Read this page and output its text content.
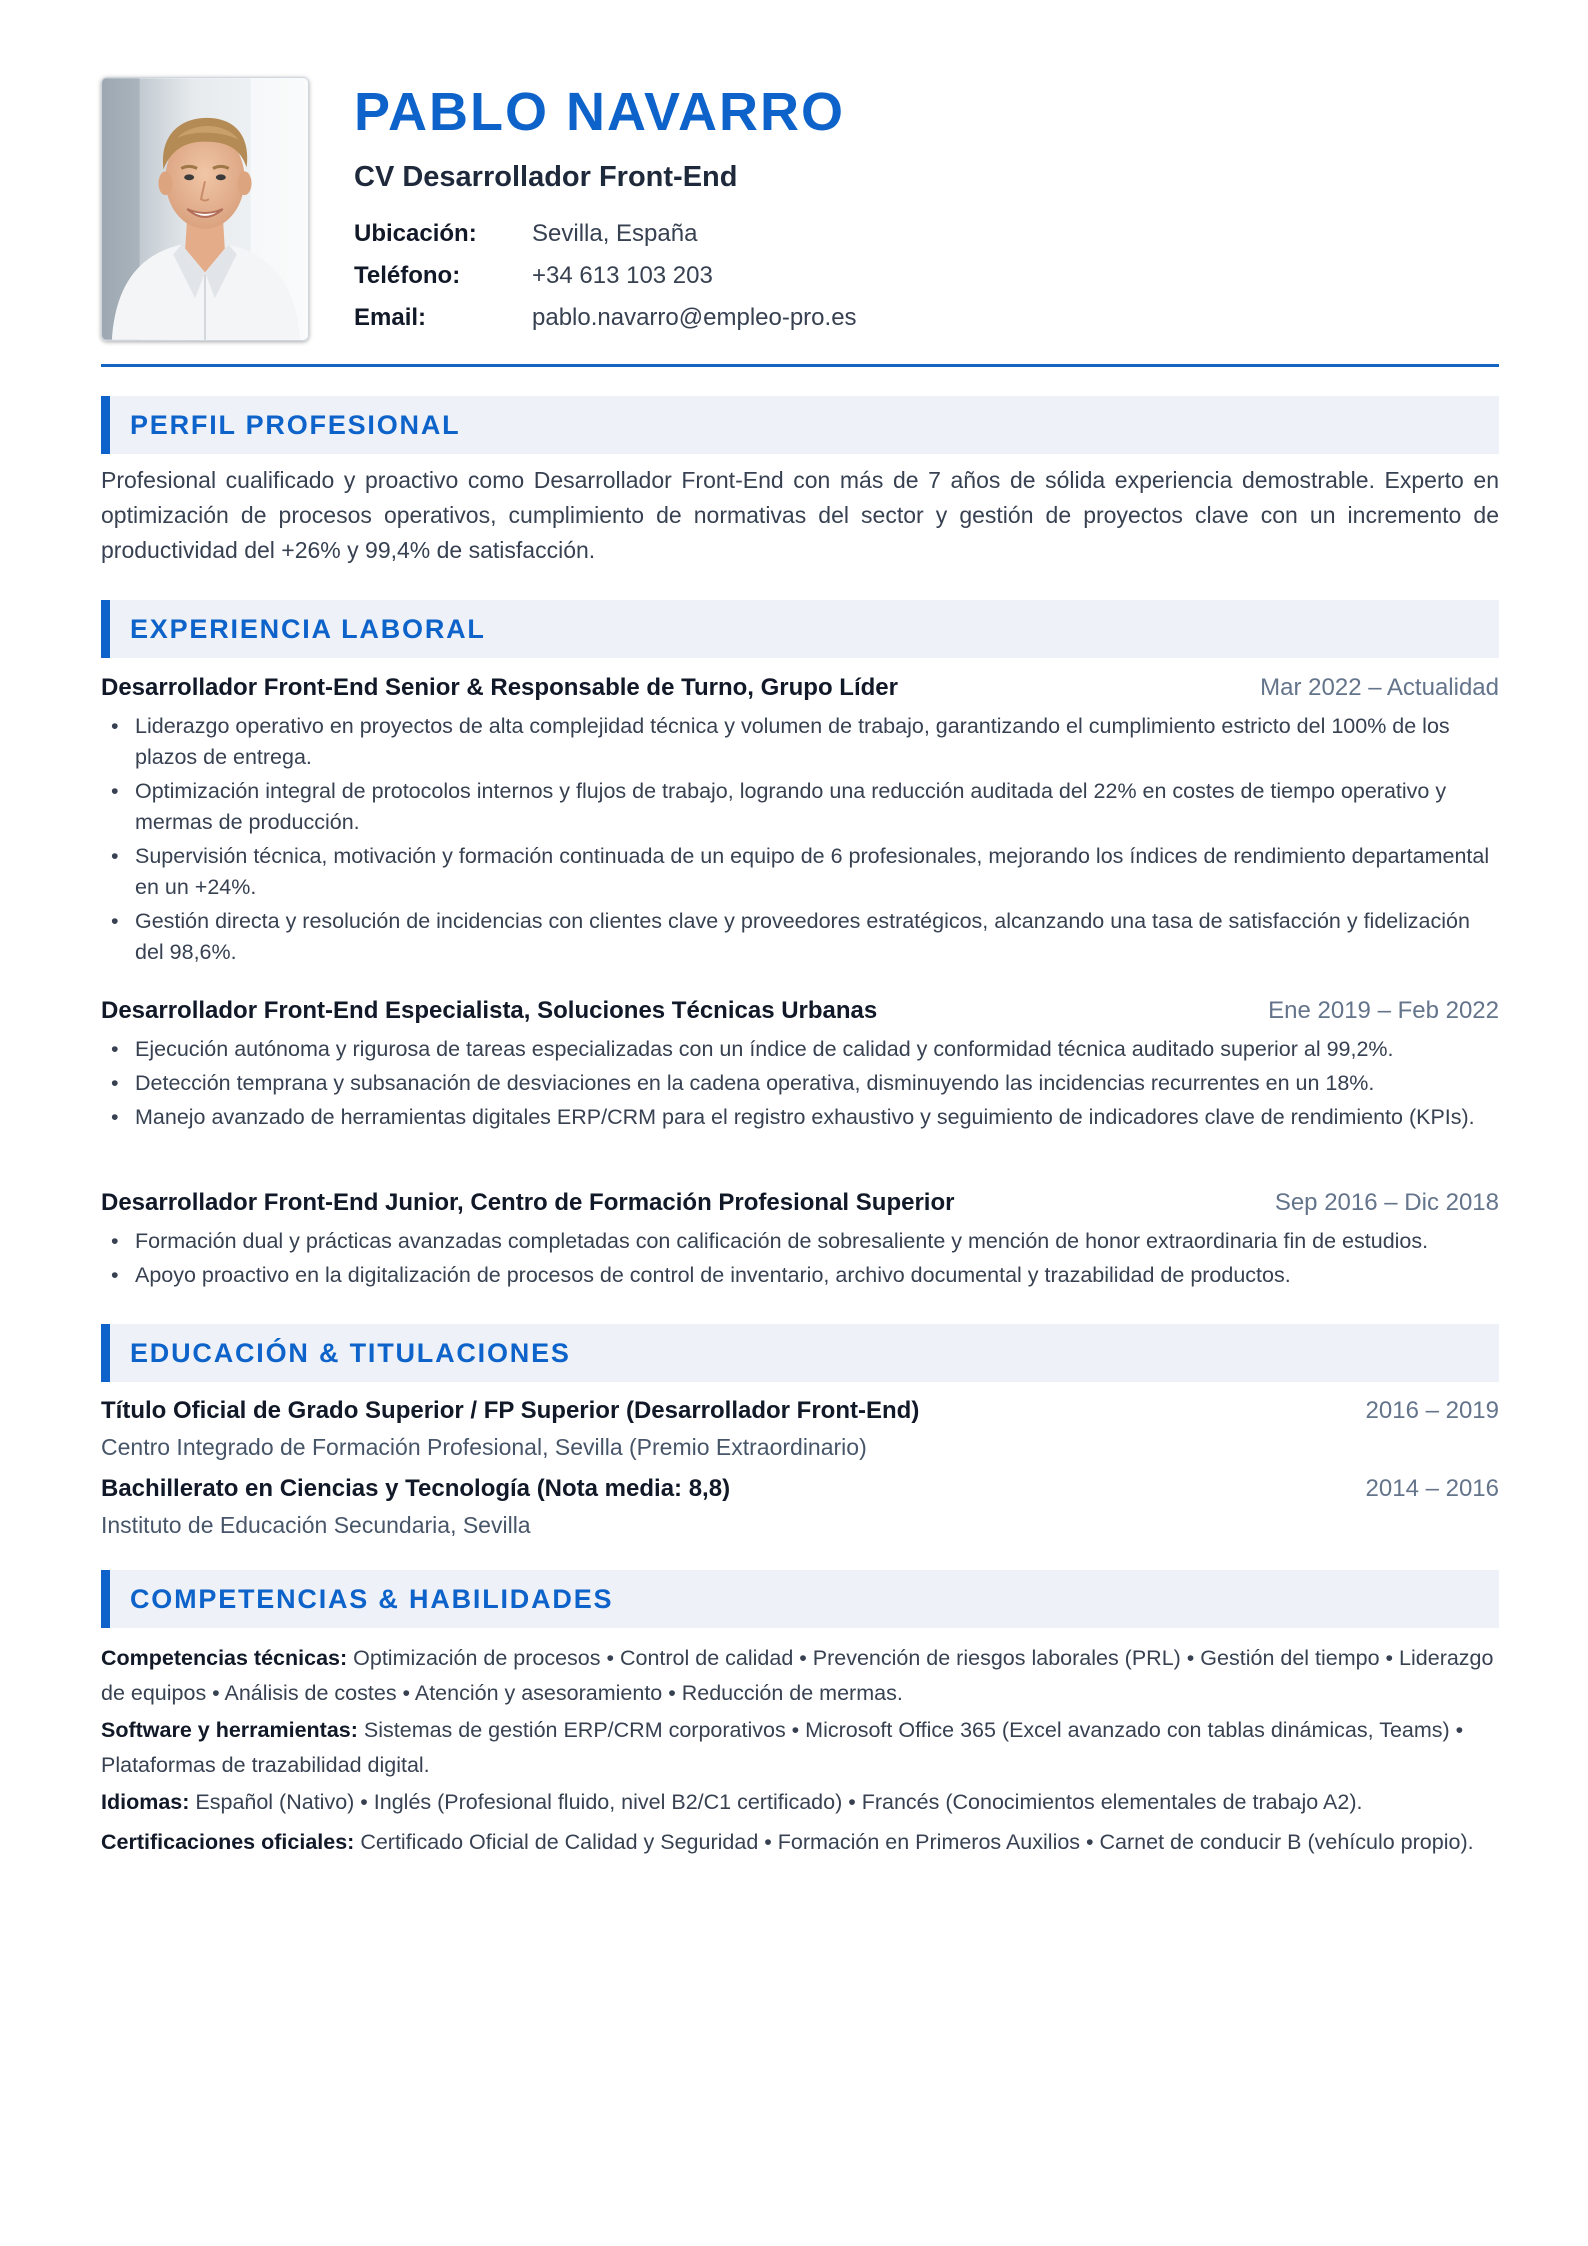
PABLO NAVARRO
CV Desarrollador Front-End
Ubicación: Sevilla, España
Teléfono:	+34 613 103 203
Email:	pablo.navarro@empleo-pro.es
PERFIL PROFESIONAL

Profesional cualificado y proactivo como Desarrollador Front-End con más de 7 años de sólida experiencia demostrable. Experto en optimización de procesos operativos, cumplimiento de normativas del sector y gestión de proyectos clave con un incremento de productividad del +26% y 99,4% de satisfacción.

EXPERIENCIA LABORAL
Desarrollador Front-End Senior & Responsable de Turno, Grupo Líder	Mar 2022 – Actualidad
• Liderazgo operativo en proyectos de alta complejidad técnica y volumen de trabajo, garantizando el cumplimiento estricto del 100% de los plazos de entrega.
• Optimización integral de protocolos internos y flujos de trabajo, logrando una reducción auditada del 22% en costes de tiempo operativo y mermas de producción.
• Supervisión técnica, motivación y formación continuada de un equipo de 6 profesionales, mejorando los índices de rendimiento departamental en un +24%.
• Gestión directa y resolución de incidencias con clientes clave y proveedores estratégicos, alcanzando una tasa de satisfacción y fidelización del 98,6%.
Desarrollador Front-End Especialista, Soluciones Técnicas Urbanas	Ene 2019 – Feb 2022
• Ejecución autónoma y rigurosa de tareas especializadas con un índice de calidad y conformidad técnica auditado superior al 99,2%.
• Detección temprana y subsanación de desviaciones en la cadena operativa, disminuyendo las incidencias recurrentes en un 18%.
• Manejo avanzado de herramientas digitales ERP/CRM para el registro exhaustivo y seguimiento de indicadores clave de rendimiento (KPIs).
Desarrollador Front-End Junior, Centro de Formación Profesional Superior	Sep 2016 – Dic 2018
• Formación dual y prácticas avanzadas completadas con calificación de sobresaliente y mención de honor extraordinaria fin de estudios.
• Apoyo proactivo en la digitalización de procesos de control de inventario, archivo documental y trazabilidad de productos.
EDUCACIÓN & TITULACIONES
Título Oficial de Grado Superior / FP Superior (Desarrollador Front-End)	2016 – 2019
Centro Integrado de Formación Profesional, Sevilla (Premio Extraordinario)
Bachillerato en Ciencias y Tecnología (Nota media: 8,8)	2014 – 2016
Instituto de Educación Secundaria, Sevilla
COMPETENCIAS & HABILIDADES

Competencias técnicas: Optimización de procesos • Control de calidad • Prevención de riesgos laborales (PRL) • Gestión del tiempo • Liderazgo de equipos • Análisis de costes • Atención y asesoramiento • Reducción de mermas.

Software y herramientas: Sistemas de gestión ERP/CRM corporativos • Microsoft Office 365 (Excel avanzado con tablas dinámicas, Teams) • Plataformas de trazabilidad digital.

Idiomas: Español (Nativo) • Inglés (Profesional fluido, nivel B2/C1 certificado) • Francés (Conocimientos elementales de trabajo A2).

Certificaciones oficiales: Certificado Oficial de Calidad y Seguridad • Formación en Primeros Auxilios • Carnet de conducir B (vehículo propio).
